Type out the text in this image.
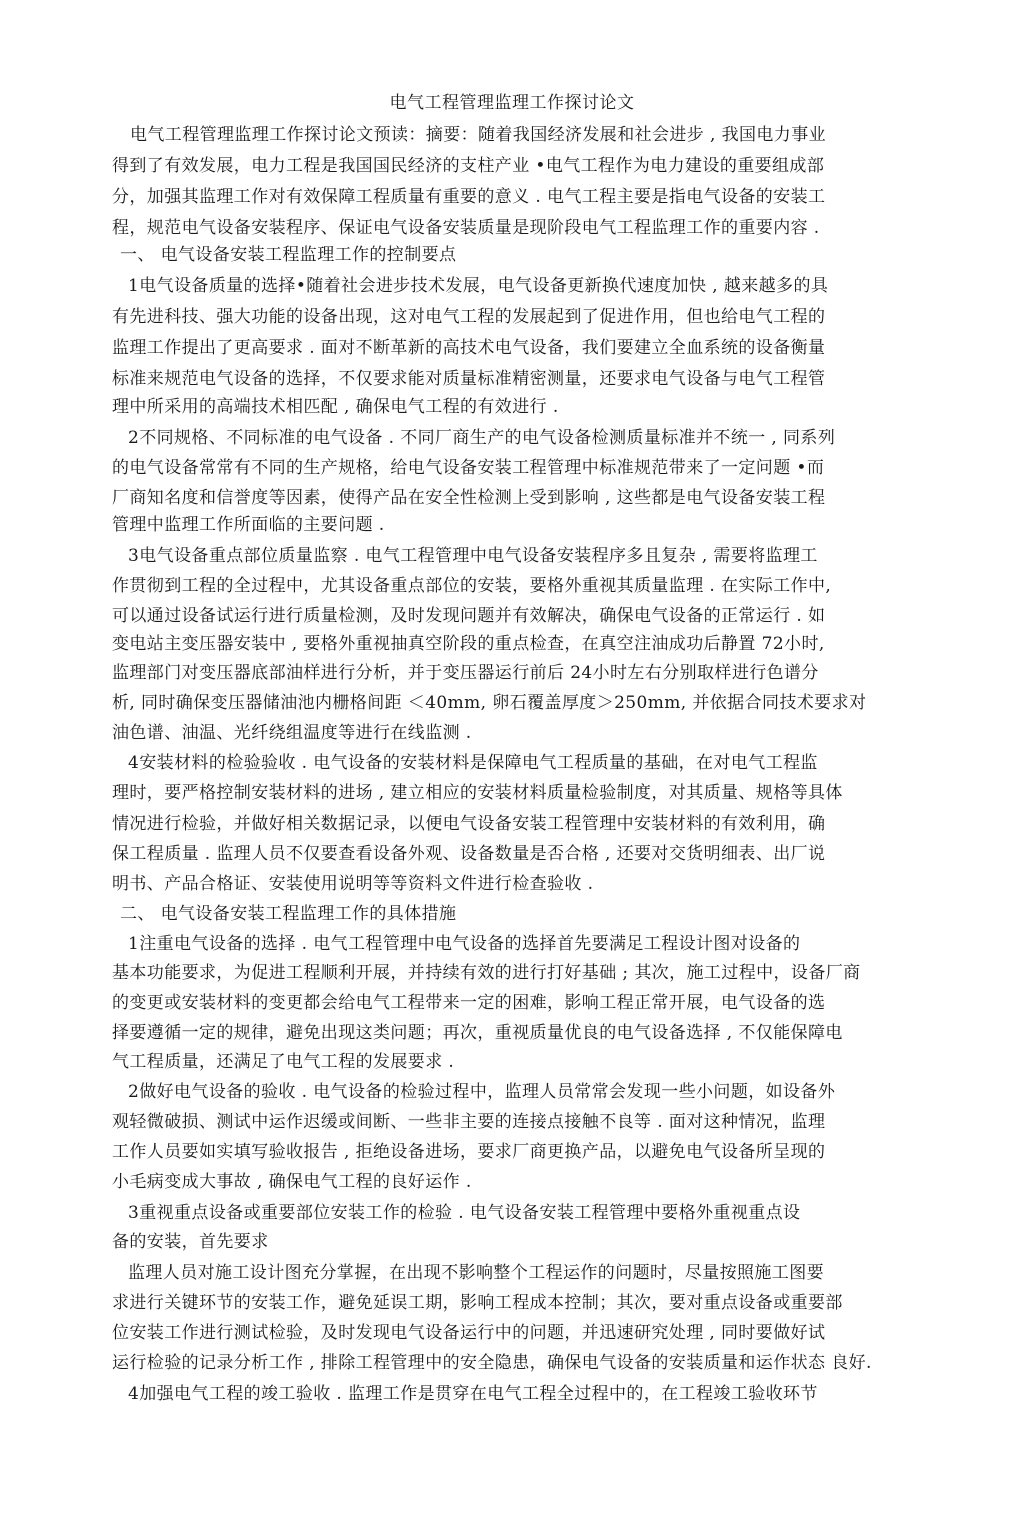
电气工程管理监理工作探讨论文
电气工程管理监理工作探讨论文预读：摘要：随着我国经济发展和社会进步 , 我国电力事业
得到了有效发展，电力工程是我国国民经济的支柱产业 •电气工程作为电力建设的重要组成部
分，加强其监理工作对有效保障工程质量有重要的意义 . 电气工程主要是指电气设备的安装工
程，规范电气设备安装程序、保证电气设备安装质量是现阶段电气工程监理工作的重要内容 .
一、 电气设备安装工程监理工作的控制要点
1电气设备质量的选择•随着社会进步技术发展，电气设备更新换代速度加快 , 越来越多的具
有先进科技、强大功能的设备出现，这对电气工程的发展起到了促进作用，但也给电气工程的
监理工作提出了更高要求 . 面对不断革新的高技术电气设备，我们要建立全血系统的设备衡量
标准来规范电气设备的选择，不仅要求能对质量标准精密测量，还要求电气设备与电气工程管
理中所采用的高端技术相匹配 , 确保电气工程的有效进行 .
2不同规格、不同标准的电气设备 . 不同厂商生产的电气设备检测质量标准并不统一 , 同系列
的电气设备常常有不同的生产规格，给电气设备安装工程管理中标准规范带来了一定问题 •而
厂商知名度和信誉度等因素，使得产品在安全性检测上受到影响 , 这些都是电气设备安装工程
管理中监理工作所面临的主要问题 .
3电气设备重点部位质量监察 . 电气工程管理中电气设备安装程序多且复杂 , 需要将监理工
作贯彻到工程的全过程中，尤其设备重点部位的安装，要格外重视其质量监理 . 在实际工作中,
可以通过设备试运行进行质量检测，及时发现问题并有效解决，确保电气设备的正常运行 . 如
变电站主变压器安装中 , 要格外重视抽真空阶段的重点检查，在真空注油成功后静置 72小时,
监理部门对变压器底部油样进行分析，并于变压器运行前后 24小时左右分别取样进行色谱分
析, 同时确保变压器储油池内栅格间距 ＜40mm, 卵石覆盖厚度＞250mm, 并依据合同技术要求对
油色谱、油温、光纤绕组温度等进行在线监测 .
4安装材料的检验验收 . 电气设备的安装材料是保障电气工程质量的基础，在对电气工程监
理时，要严格控制安装材料的进场 , 建立相应的安装材料质量检验制度，对其质量、规格等具体
情况进行检验，并做好相关数据记录，以便电气设备安装工程管理中安装材料的有效利用，确
保工程质量 . 监理人员不仅要查看设备外观、设备数量是否合格 , 还要对交货明细表、出厂说
明书、产品合格证、安装使用说明等等资料文件进行检查验收 .
二、 电气设备安装工程监理工作的具体措施
1注重电气设备的选择 . 电气工程管理中电气设备的选择首先要满足工程设计图对设备的
基本功能要求，为促进工程顺利开展，并持续有效的进行打好基础 ; 其次，施工过程中，设备厂商
的变更或安装材料的变更都会给电气工程带来一定的困难，影响工程正常开展，电气设备的选
择要遵循一定的规律，避免出现这类问题；再次，重视质量优良的电气设备选择 , 不仅能保障电
气工程质量，还满足了电气工程的发展要求 .
2做好电气设备的验收 . 电气设备的检验过程中，监理人员常常会发现一些小问题，如设备外
观轻微破损、测试中运作迟缓或间断、一些非主要的连接点接触不良等 . 面对这种情况，监理
工作人员要如实填写验收报告 , 拒绝设备进场，要求厂商更换产品，以避免电气设备所呈现的
小毛病变成大事故 , 确保电气工程的良好运作 .
3重视重点设备或重要部位安装工作的检验 . 电气设备安装工程管理中要格外重视重点设
备的安装，首先要求
监理人员对施工设计图充分掌握，在出现不影响整个工程运作的问题时，尽量按照施工图要
求进行关键环节的安装工作，避免延误工期，影响工程成本控制；其次，要对重点设备或重要部
位安装工作进行测试检验，及时发现电气设备运行中的问题，并迅速研究处理 , 同时要做好试
运行检验的记录分析工作 , 排除工程管理中的安全隐患，确保电气设备的安装质量和运作状态 良好.
4加强电气工程的竣工验收 . 监理工作是贯穿在电气工程全过程中的，在工程竣工验收环节
